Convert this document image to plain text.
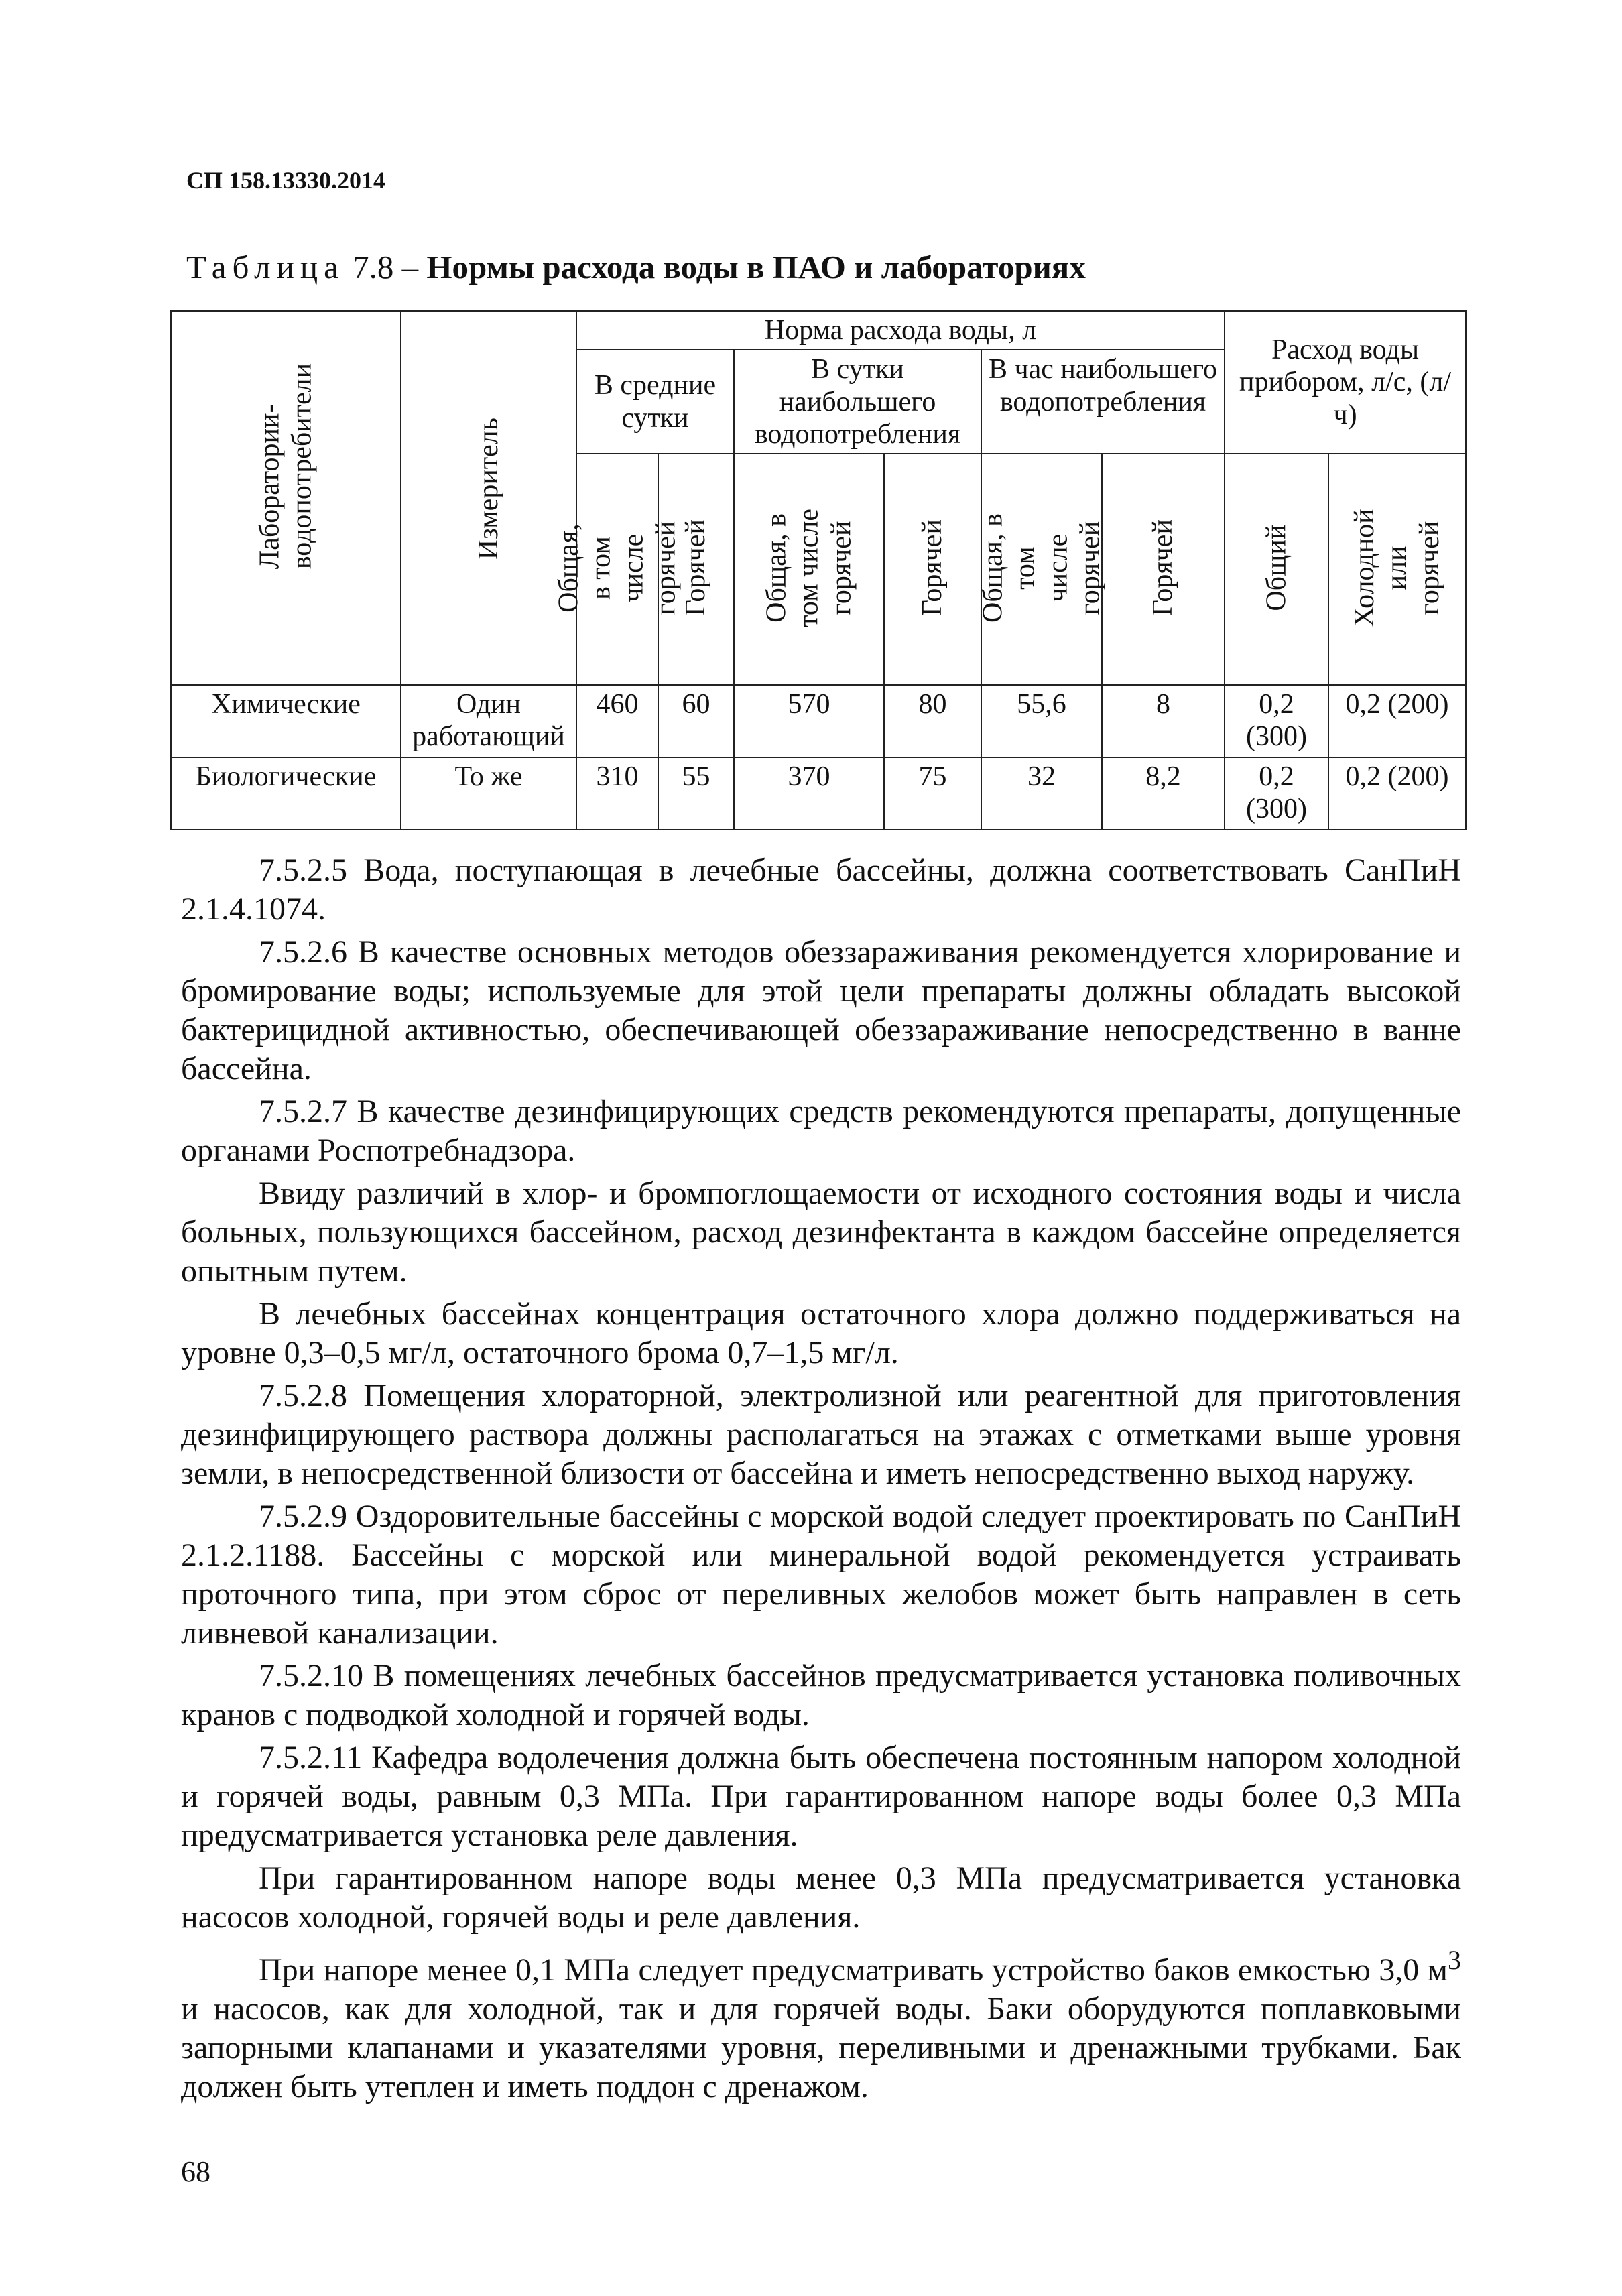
СП 158.13330.2014
Таблица 7.8 – Нормы расхода воды в ПАО и лабораториях
Лаборатории-водопотребители	Измеритель	Норма расхода воды, л						Расход воды прибором, л/с, (л/ч)	
		В средние сутки		В сутки наибольшего водопотребления		В час наибольшего водопотребления			

		Общая, в том числе горячей	Горячей	Общая, в том числе горячей	Горячей	Общая, в том числе горячей	Горячей	Общий	Холодной или горячей

Химические	Один работающий	460	60	570	80	55,6	8	0,2 (300)	0,2 (200)
Биологические	То же	310	55	370	75	32	8,2	0,2 (300)	0,2 (200)

7.5.2.5 Вода, поступающая в лечебные бассейны, должна соответствовать СанПиН 2.1.4.1074.

7.5.2.6 В качестве основных методов обеззараживания рекомендуется хлорирование и бромирование воды; используемые для этой цели препараты должны обладать высокой бактерицидной активностью, обеспечивающей обеззараживание непосредственно в ванне бассейна.

7.5.2.7 В качестве дезинфицирующих средств рекомендуются препараты, допущенные органами Роспотребнадзора.

Ввиду различий в хлор- и бромпоглощаемости от исходного состояния воды и числа больных, пользующихся бассейном, расход дезинфектанта в каждом бассейне определяется опытным путем.

В лечебных бассейнах концентрация остаточного хлора должно поддерживаться на уровне 0,3–0,5 мг/л, остаточного брома 0,7–1,5 мг/л.

7.5.2.8 Помещения хлораторной, электролизной или реагентной для приготовления дезинфицирующего раствора должны располагаться на этажах с отметками выше уровня земли, в непосредственной близости от бассейна и иметь непосредственно выход наружу.

7.5.2.9 Оздоровительные бассейны с морской водой следует проектировать по СанПиН 2.1.2.1188. Бассейны с морской или минеральной водой рекомендуется устраивать проточного типа, при этом сброс от переливных желобов может быть направлен в сеть ливневой канализации.

7.5.2.10 В помещениях лечебных бассейнов предусматривается установка поливочных кранов с подводкой холодной и горячей воды.

7.5.2.11 Кафедра водолечения должна быть обеспечена постоянным напором холодной и горячей воды, равным 0,3 МПа. При гарантированном напоре воды более 0,3 МПа предусматривается установка реле давления.

При гарантированном напоре воды менее 0,3 МПа предусматривается установка насосов холодной, горячей воды и реле давления.

При напоре менее 0,1 МПа следует предусматривать устройство баков емкостью 3,0 $м^3$ и насосов, как для холодной, так и для горячей воды. Баки оборудуются поплавковыми запорными клапанами и указателями уровня, переливными и дренажными трубками. Бак должен быть утеплен и иметь поддон с дренажом.

68
